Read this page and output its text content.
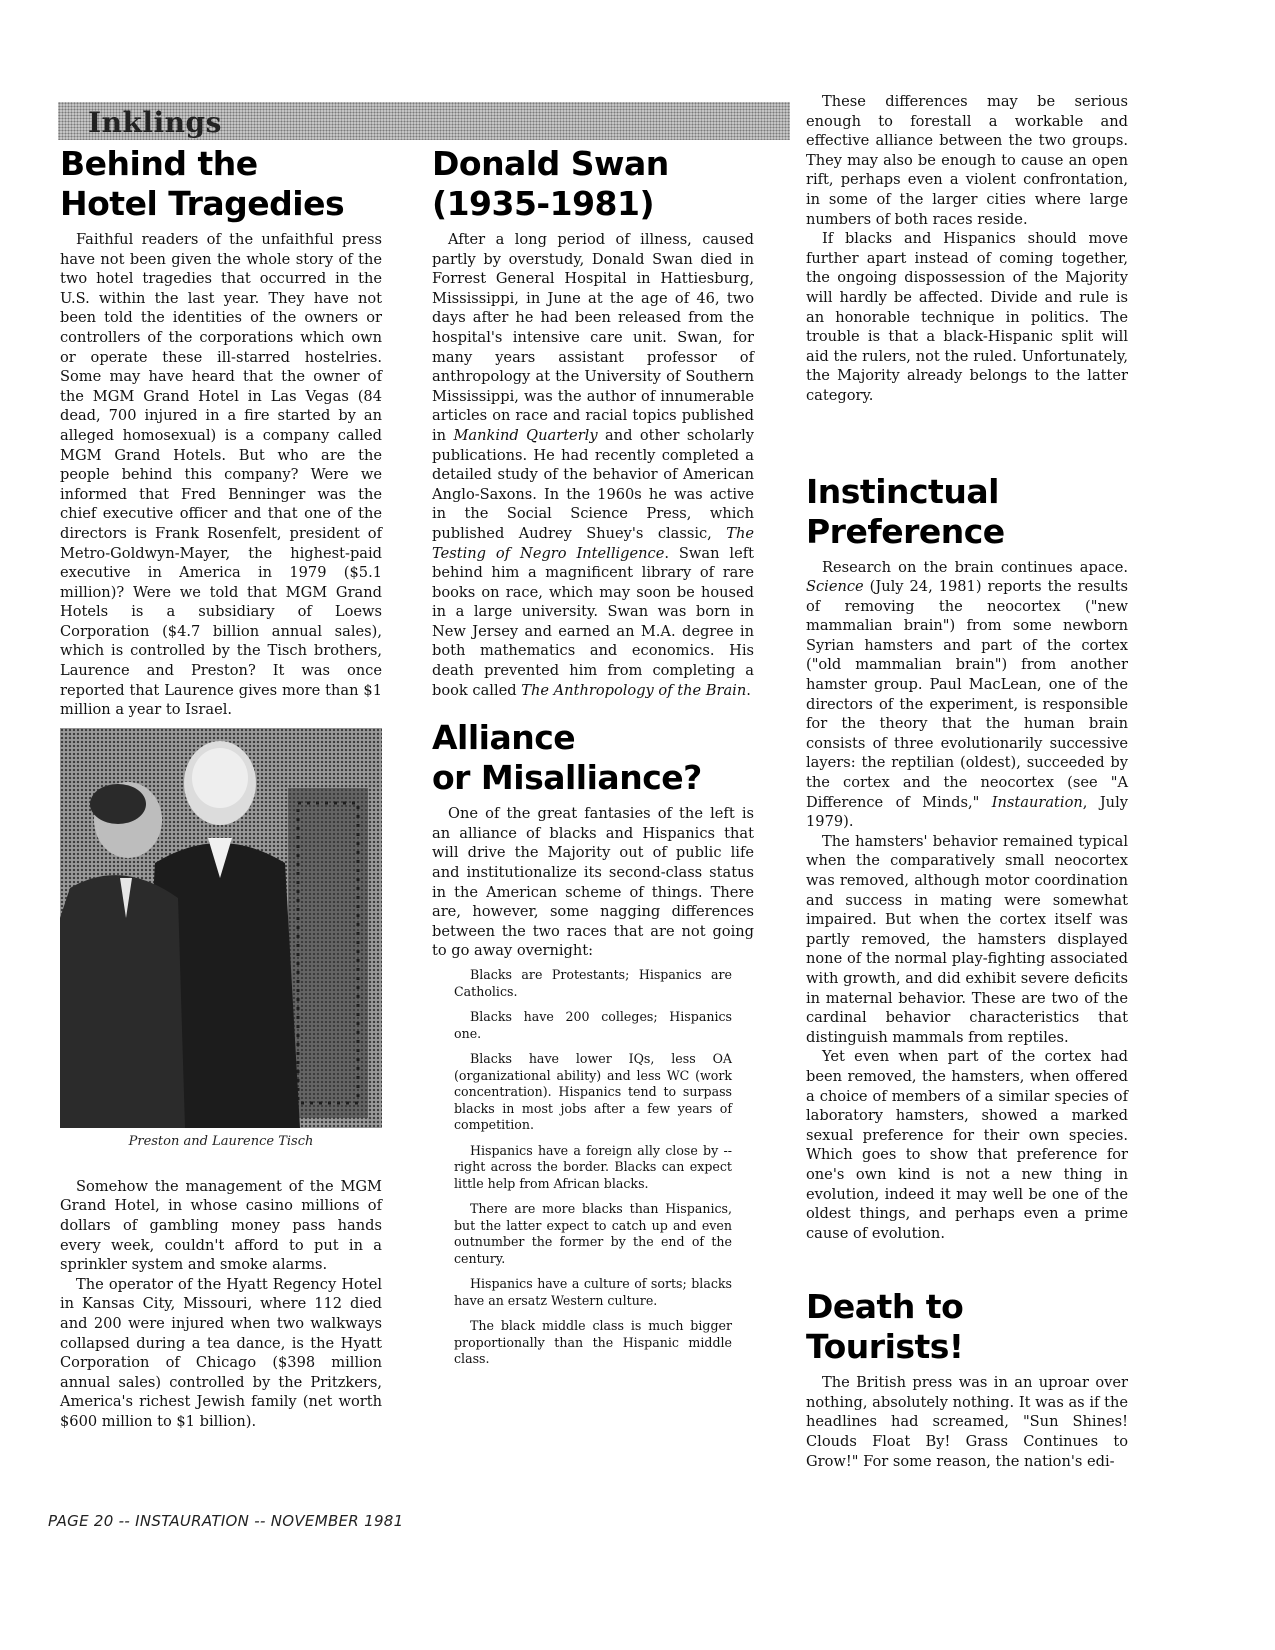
Inklings
Behind the
Hotel Tragedies

Faithful readers of the unfaithful press have not been given the whole story of the two hotel tragedies that occurred in the U.S. within the last year. They have not been told the identities of the owners or controllers of the corporations which own or operate these ill-starred hostelries. Some may have heard that the owner of the MGM Grand Hotel in Las Vegas (84 dead, 700 injured in a fire started by an alleged homosexual) is a company called MGM Grand Hotels. But who are the people behind this company? Were we informed that Fred Benninger was the chief executive officer and that one of the directors is Frank Rosenfelt, president of Metro-Goldwyn-Mayer, the highest-paid executive in America in 1979 ($5.1 million)? Were we told that MGM Grand Hotels is a subsidiary of Loews Corporation ($4.7 billion annual sales), which is controlled by the Tisch brothers, Laurence and Preston? It was once reported that Laurence gives more than $1 million a year to Israel.

Preston and Laurence Tisch

Somehow the management of the MGM Grand Hotel, in whose casino millions of dollars of gambling money pass hands every week, couldn't afford to put in a sprinkler system and smoke alarms.

The operator of the Hyatt Regency Hotel in Kansas City, Missouri, where 112 died and 200 were injured when two walkways collapsed during a tea dance, is the Hyatt Corporation of Chicago ($398 million annual sales) controlled by the Pritzkers, America's richest Jewish family (net worth $600 million to $1 billion).

Donald Swan
(1935-1981)

After a long period of illness, caused partly by overstudy, Donald Swan died in Forrest General Hospital in Hattiesburg, Mississippi, in June at the age of 46, two days after he had been released from the hospital's intensive care unit. Swan, for many years assistant professor of anthropology at the University of Southern Mississippi, was the author of innumerable articles on race and racial topics published in Mankind Quarterly and other scholarly publications. He had recently completed a detailed study of the behavior of American Anglo-Saxons. In the 1960s he was active in the Social Science Press, which published Audrey Shuey's classic, The Testing of Negro Intelligence. Swan left behind him a magnificent library of rare books on race, which may soon be housed in a large university. Swan was born in New Jersey and earned an M.A. degree in both mathematics and economics. His death prevented him from completing a book called The Anthropology of the Brain.

Alliance
or Misalliance?

One of the great fantasies of the left is an alliance of blacks and Hispanics that will drive the Majority out of public life and institutionalize its second-class status in the American scheme of things. There are, however, some nagging differences between the two races that are not going to go away overnight:

Blacks are Protestants; Hispanics are Catholics.

Blacks have 200 colleges; Hispanics one.

Blacks have lower IQs, less OA (organizational ability) and less WC (work concentration). Hispanics tend to surpass blacks in most jobs after a few years of competition.

Hispanics have a foreign ally close by -- right across the border. Blacks can expect little help from African blacks.

There are more blacks than Hispanics, but the latter expect to catch up and even outnumber the former by the end of the century.

Hispanics have a culture of sorts; blacks have an ersatz Western culture.

The black middle class is much bigger proportionally than the Hispanic middle class.

These differences may be serious enough to forestall a workable and effective alliance between the two groups. They may also be enough to cause an open rift, perhaps even a violent confrontation, in some of the larger cities where large numbers of both races reside.

If blacks and Hispanics should move further apart instead of coming together, the ongoing dispossession of the Majority will hardly be affected. Divide and rule is an honorable technique in politics. The trouble is that a black-Hispanic split will aid the rulers, not the ruled. Unfortunately, the Majority already belongs to the latter category.

Instinctual
Preference

Research on the brain continues apace. Science (July 24, 1981) reports the results of removing the neocortex ("new mammalian brain") from some newborn Syrian hamsters and part of the cortex ("old mammalian brain") from another hamster group. Paul MacLean, one of the directors of the experiment, is responsible for the theory that the human brain consists of three evolutionarily successive layers: the reptilian (oldest), succeeded by the cortex and the neocortex (see "A Difference of Minds," Instauration, July 1979).

The hamsters' behavior remained typical when the comparatively small neocortex was removed, although motor coordination and success in mating were somewhat impaired. But when the cortex itself was partly removed, the hamsters displayed none of the normal play-fighting associated with growth, and did exhibit severe deficits in maternal behavior. These are two of the cardinal behavior characteristics that distinguish mammals from reptiles.

Yet even when part of the cortex had been removed, the hamsters, when offered a choice of members of a similar species of laboratory hamsters, showed a marked sexual preference for their own species. Which goes to show that preference for one's own kind is not a new thing in evolution, indeed it may well be one of the oldest things, and perhaps even a prime cause of evolution.

Death to Tourists!

The British press was in an uproar over nothing, absolutely nothing. It was as if the headlines had screamed, "Sun Shines! Clouds Float By! Grass Continues to Grow!" For some reason, the nation's edi-

PAGE 20 -- INSTAURATION -- NOVEMBER 1981
